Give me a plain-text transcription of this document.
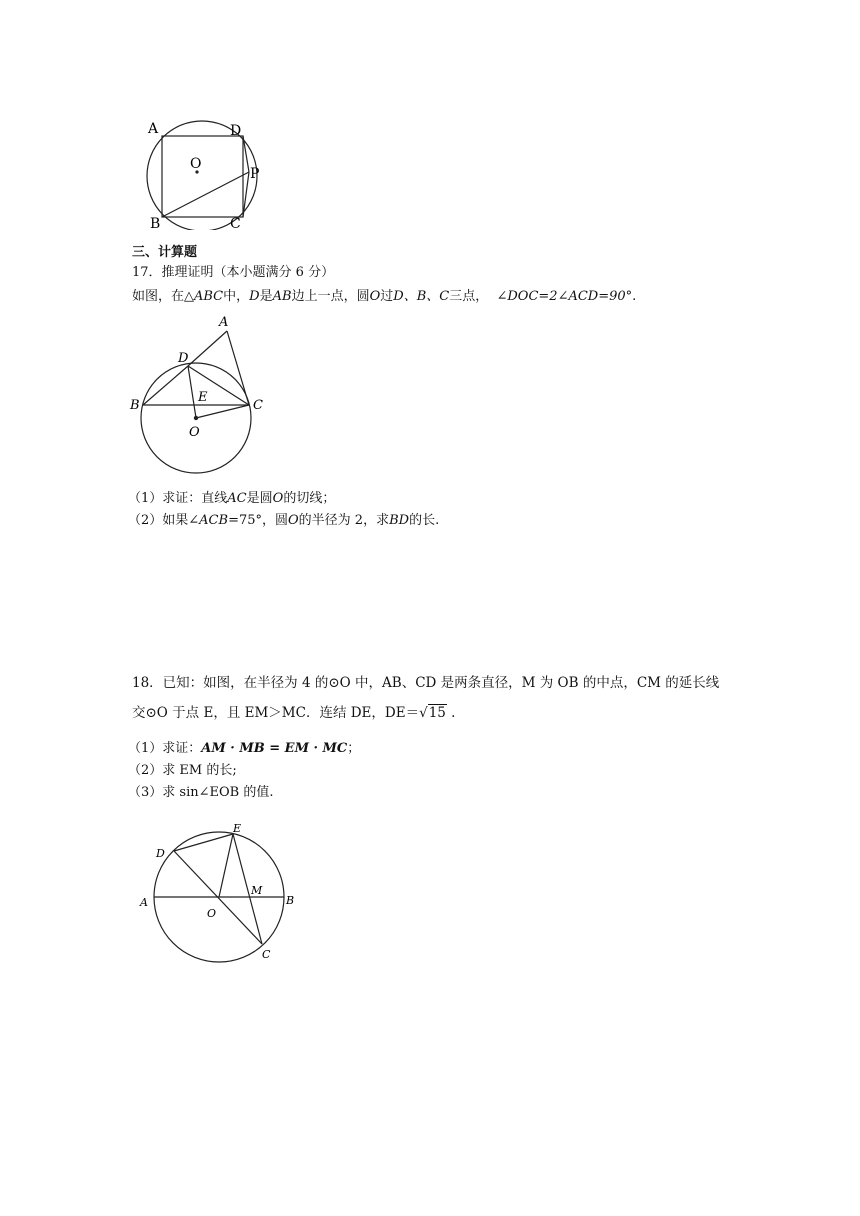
A	D
O
P
B	C
三、计算题
17．推理证明（本小题满分 6 分）
如图，在△ABC中，D是AB边上一点，圆O过D、B、C三点， ∠DOC=2∠ACD=90°.
A
D
B
E
C
O
（1）求证：直线AC是圆O的切线；
（2）如果∠ACB=75°，圆O的半径为 2，求BD的长.
18．已知：如图，在半径为 4 的⊙O 中，AB、CD 是两条直径，M 为 OB 的中点，CM 的延长线
交⊙O 于点 E，且 EM＞MC．连结 DE，DE＝√15 .
（1）求证：AM · MB = EM · MC；
（2）求 EM 的长;
（3）求 sin∠EOB 的值.
E
D
M
A	B
O
C
